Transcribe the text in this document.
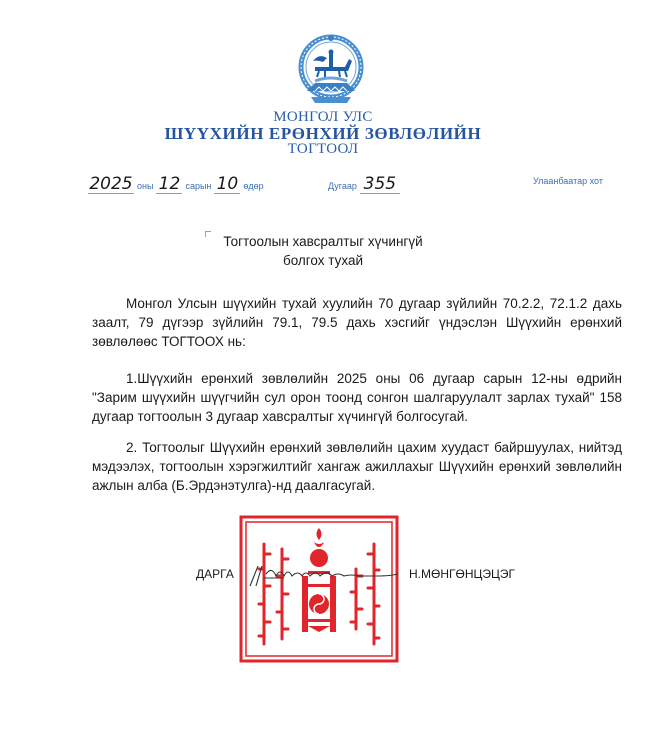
МОНГОЛ УЛС
ШҮҮХИЙН ЕРӨНХИЙ ЗӨВЛӨЛИЙН
ТОГТООЛ
2025 оны 12 сарын 10 өдөр	Дугаар 355	Улаанбаатар хот
Тогтоолын хавсралтыг хүчингүй
болгох тухай
Монгол Улсын шүүхийн тухай хуулийн 70 дугаар зүйлийн 70.2.2, 72.1.2 дахь заалт, 79 дүгээр зүйлийн 79.1, 79.5 дахь хэсгийг үндэслэн Шүүхийн ерөнхий зөвлөлөөс ТОГТООХ нь:
1.Шүүхийн ерөнхий зөвлөлийн 2025 оны 06 дугаар сарын 12-ны өдрийн "Зарим шүүхийн шүүгчийн сул орон тоонд сонгон шалгаруулалт зарлах тухай" 158 дугаар тогтоолын 3 дугаар хавсралтыг хүчингүй болгосугай.
2. Тогтоолыг Шүүхийн ерөнхий зөвлөлийн цахим хуудаст байршуулах, нийтэд мэдээлэх, тогтоолын хэрэгжилтийг хангаж ажиллахыг Шүүхийн ерөнхий зөвлөлийн ажлын алба (Б.Эрдэнэтулга)-нд даалгасугай.
ДАРГА	Н.МӨНГӨНЦЭЦЭГ
